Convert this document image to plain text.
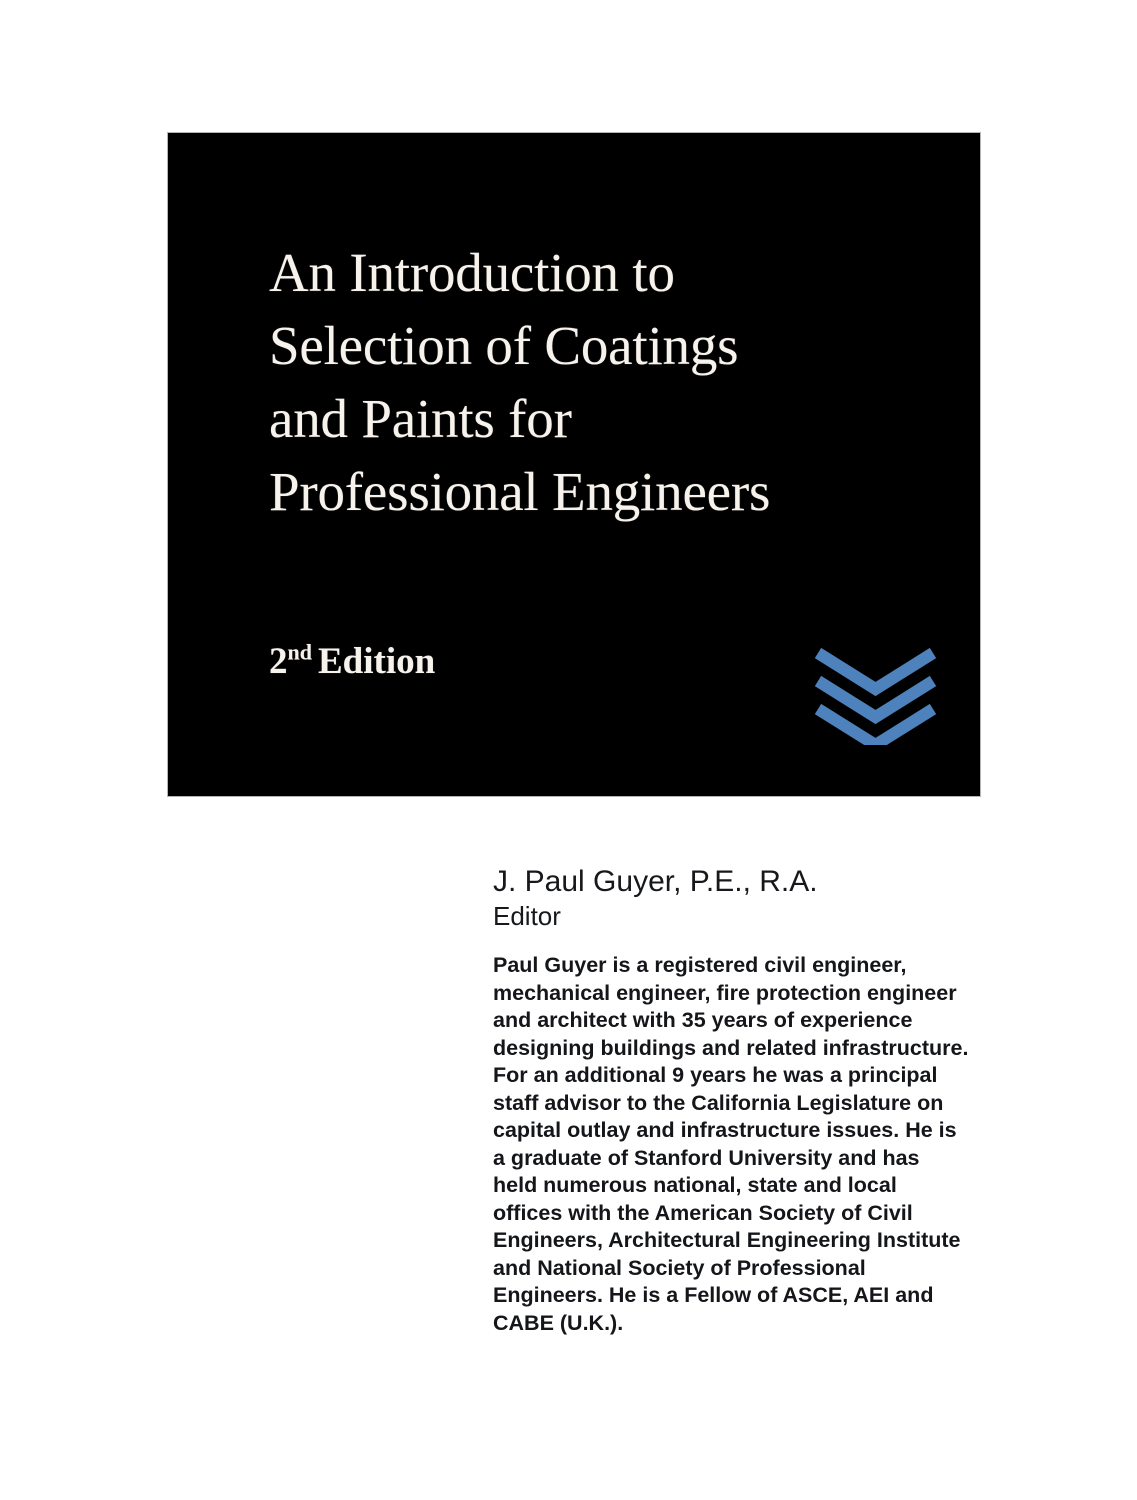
An Introduction to
Selection of Coatings
and Paints for
Professional Engineers
2nd Edition
J. Paul Guyer, P.E., R.A.
Editor
Paul Guyer is a registered civil engineer,
mechanical engineer, fire protection engineer
and architect with 35 years of experience
designing buildings and related infrastructure.
For an additional 9 years he was a principal
staff advisor to the California Legislature on
capital outlay and infrastructure issues. He is
a graduate of Stanford University and has
held numerous national, state and local
offices with the American Society of Civil
Engineers, Architectural Engineering Institute
and National Society of Professional
Engineers. He is a Fellow of ASCE, AEI and
CABE (U.K.).
